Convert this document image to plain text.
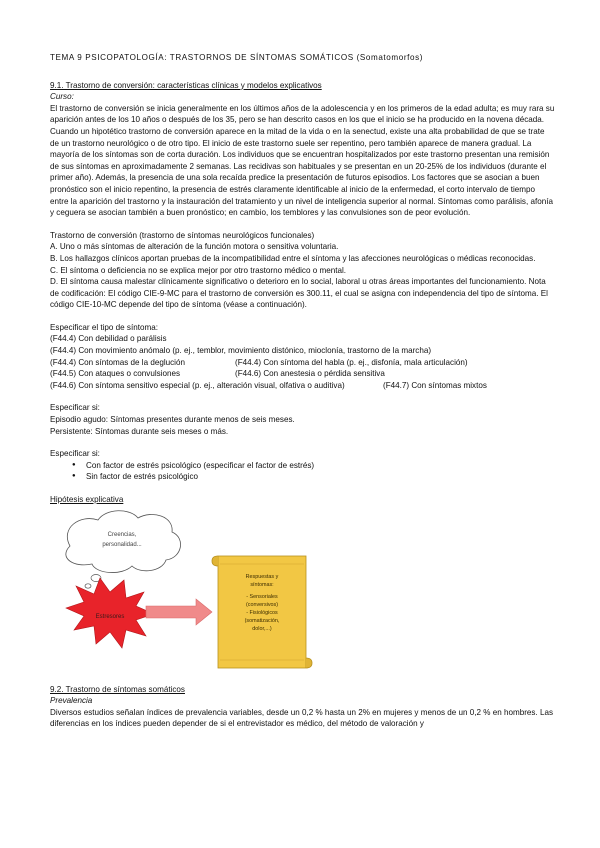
TEMA 9 PSICOPATOLOGÍA: TRASTORNOS DE SÍNTOMAS SOMÁTICOS (Somatomorfos)

9.1. Trastorno de conversión: características clínicas y modelos explicativos

Curso:

El trastorno de conversión se inicia generalmente en los últimos años de la adolescencia y en los primeros de la edad adulta; es muy rara su aparición antes de los 10 años o después de los 35, pero se han descrito casos en los que el inicio se ha producido en la novena década. Cuando un hipotético trastorno de conversión aparece en la mitad de la vida o en la senectud, existe una alta probabilidad de que se trate de un trastorno neurológico o de otro tipo. El inicio de este trastorno suele ser repentino, pero también aparece de manera gradual. La mayoría de los síntomas son de corta duración. Los individuos que se encuentran hospitalizados por este trastorno presentan una remisión de sus síntomas en aproximadamente 2 semanas. Las recidivas son habituales y se presentan en un 20-25% de los individuos (durante el primer año). Además, la presencia de una sola recaída predice la presentación de futuros episodios. Los factores que se asocian a buen pronóstico son el inicio repentino, la presencia de estrés claramente identificable al inicio de la enfermedad, el corto intervalo de tiempo entre la aparición del trastorno y la instauración del tratamiento y un nivel de inteligencia superior al normal. Síntomas como parálisis, afonía y ceguera se asocian también a buen pronóstico; en cambio, los temblores y las convulsiones son de peor evolución.

Trastorno de conversión (trastorno de síntomas neurológicos funcionales)

A. Uno o más síntomas de alteración de la función motora o sensitiva voluntaria.

B. Los hallazgos clínicos aportan pruebas de la incompatibilidad entre el síntoma y las afecciones neurológicas o médicas reconocidas.

C. El síntoma o deficiencia no se explica mejor por otro trastorno médico o mental.

D. El síntoma causa malestar clínicamente significativo o deterioro en lo social, laboral u otras áreas importantes del funcionamiento. Nota de codificación: El código CIE-9-MC para el trastorno de conversión es 300.11, el cual se asigna con independencia del tipo de síntoma. El código CIE-10-MC depende del tipo de síntoma (véase a continuación).

Especificar el tipo de síntoma:

(F44.4) Con debilidad o parálisis

(F44.4) Con movimiento anómalo (p. ej., temblor, movimiento distónico, mioclonía, trastorno de la marcha)

(F44.4) Con síntomas de la deglución	(F44.4) Con síntoma del habla (p. ej., disfonía, mala articulación)
(F44.5) Con ataques o convulsiones	(F44.6) Con anestesia o pérdida sensitiva
(F44.6) Con síntoma sensitivo especial (p. ej., alteración visual, olfativa o auditiva)	(F44.7) Con síntomas mixtos

Especificar si:

Episodio agudo: Síntomas presentes durante menos de seis meses.

Persistente: Síntomas durante seis meses o más.

Especificar si:

● Con factor de estrés psicológico (especificar el factor de estrés)
● Sin factor de estrés psicológico

Hipótesis explicativa

Creencias,
personalidad...
Estresores
Respuestas y
síntomas:
- Sensoriales
(conversivos)
- Fisiológicos
(somatización,
dolor,...)

9.2. Trastorno de síntomas somáticos

Prevalencia

Diversos estudios señalan índices de prevalencia variables, desde un 0,2 % hasta un 2% en mujeres y menos de un 0,2 % en hombres. Las diferencias en los índices pueden depender de si el entrevistador es médico, del método de valoración y
